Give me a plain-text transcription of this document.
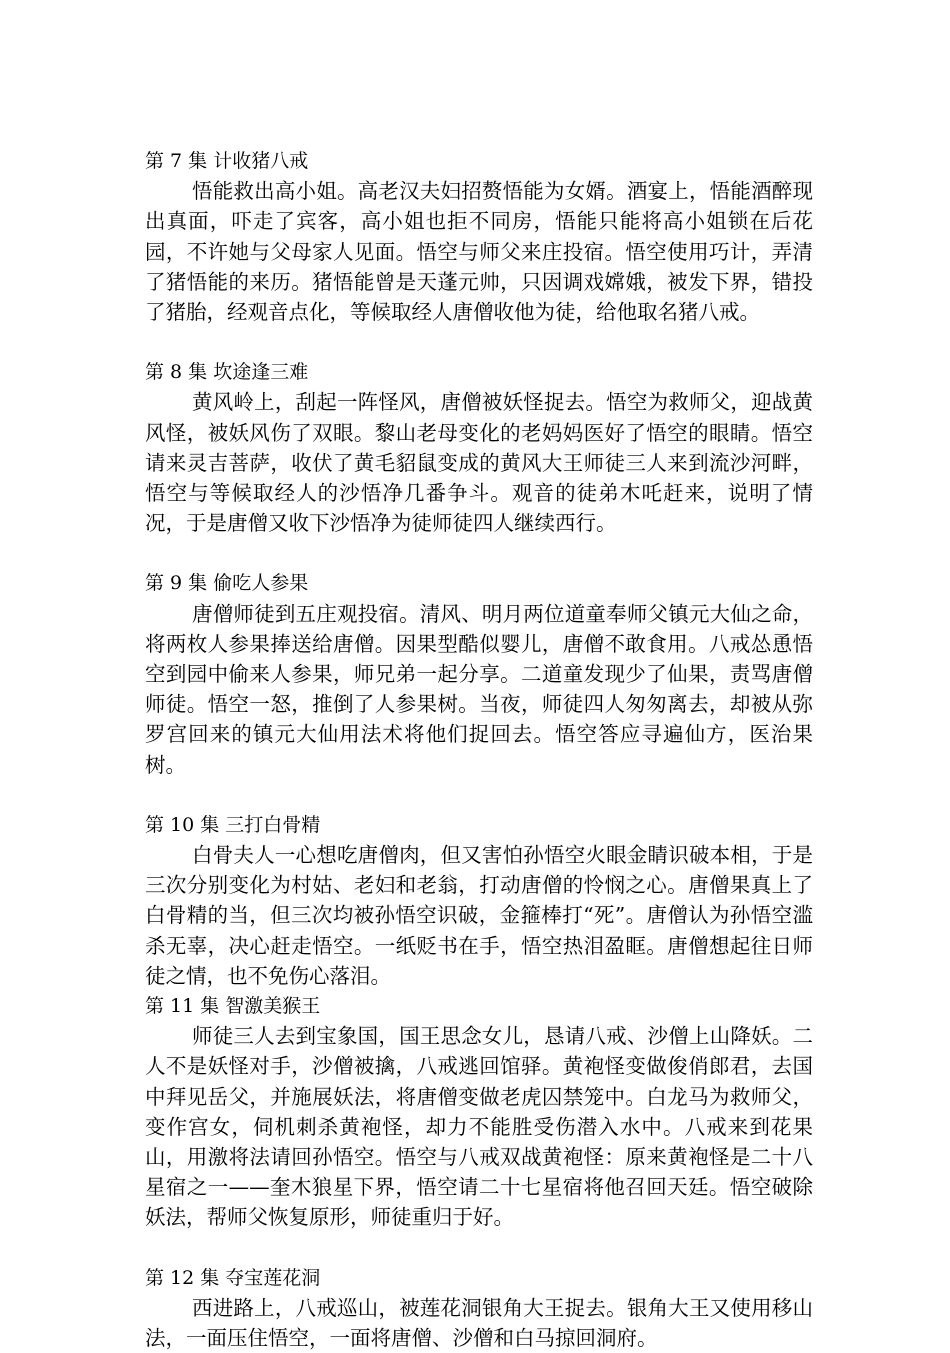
第 7 集 计收猪八戒

悟能救出高小姐。高老汉夫妇招赘悟能为女婿。酒宴上，悟能酒醉现出真面，吓走了宾客，高小姐也拒不同房，悟能只能将高小姐锁在后花园，不许她与父母家人见面。悟空与师父来庄投宿。悟空使用巧计，弄清了猪悟能的来历。猪悟能曾是天蓬元帅，只因调戏嫦娥，被发下界，错投了猪胎，经观音点化，等候取经人唐僧收他为徒，给他取名猪八戒。

第 8 集 坎途逢三难

黄风岭上，刮起一阵怪风，唐僧被妖怪捉去。悟空为救师父，迎战黄风怪，被妖风伤了双眼。黎山老母变化的老妈妈医好了悟空的眼睛。悟空请来灵吉菩萨，收伏了黄毛貂鼠变成的黄风大王师徒三人来到流沙河畔，悟空与等候取经人的沙悟净几番争斗。观音的徒弟木吒赶来，说明了情况，于是唐僧又收下沙悟净为徒师徒四人继续西行。

第 9 集 偷吃人参果

唐僧师徒到五庄观投宿。清风、明月两位道童奉师父镇元大仙之命，将两枚人参果捧送给唐僧。因果型酷似婴儿，唐僧不敢食用。八戒怂恿悟空到园中偷来人参果，师兄弟一起分享。二道童发现少了仙果，责骂唐僧师徒。悟空一怒，推倒了人参果树。当夜，师徒四人匆匆离去，却被从弥罗宫回来的镇元大仙用法术将他们捉回去。悟空答应寻遍仙方，医治果树。

第 10 集 三打白骨精

白骨夫人一心想吃唐僧肉，但又害怕孙悟空火眼金睛识破本相，于是三次分别变化为村姑、老妇和老翁，打动唐僧的怜悯之心。唐僧果真上了白骨精的当，但三次均被孙悟空识破，金箍棒打“死”。唐僧认为孙悟空滥杀无辜，决心赶走悟空。一纸贬书在手，悟空热泪盈眶。唐僧想起往日师徒之情，也不免伤心落泪。

第 11 集 智激美猴王

师徒三人去到宝象国，国王思念女儿，恳请八戒、沙僧上山降妖。二人不是妖怪对手，沙僧被擒，八戒逃回馆驿。黄袍怪变做俊俏郎君，去国中拜见岳父，并施展妖法，将唐僧变做老虎囚禁笼中。白龙马为救师父，变作宫女，伺机刺杀黄袍怪，却力不能胜受伤潜入水中。八戒来到花果山，用激将法请回孙悟空。悟空与八戒双战黄袍怪：原来黄袍怪是二十八星宿之一——奎木狼星下界，悟空请二十七星宿将他召回天廷。悟空破除妖法，帮师父恢复原形，师徒重归于好。

第 12 集 夺宝莲花洞

西进路上，八戒巡山，被莲花洞银角大王捉去。银角大王又使用移山法，一面压住悟空，一面将唐僧、沙僧和白马掠回洞府。
